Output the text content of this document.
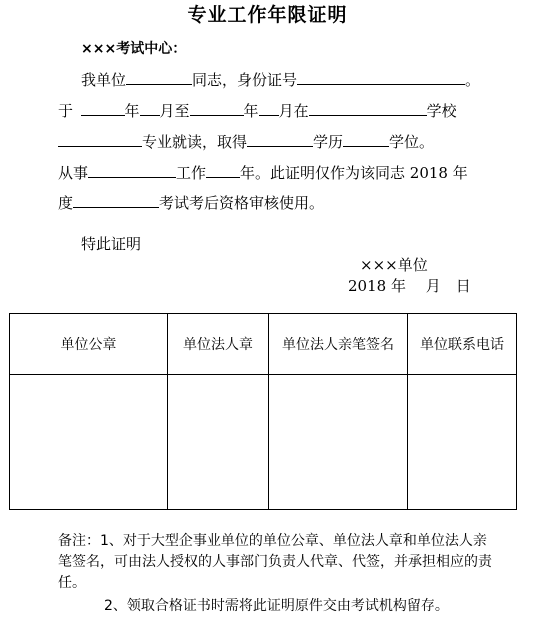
专业工作年限证明
×××考试中心：
我单位	同志，身份证号	。
于 	年 月至	年 月在	学校
专业就读，取得	学历	学位。
从事	工作 年。此证明仅作为该同志 2018 年
度	考试考后资格审核使用。
特此证明
×××单位
2018 年　 月　日
单位公章	单位法人章	单位法人亲笔签名	单位联系电话

备注：1、对于大型企事业单位的单位公章、单位法人章和单位法人亲笔签名，可由法人授权的人事部门负责人代章、代签，并承担相应的责任。
2、领取合格证书时需将此证明原件交由考试机构留存。
